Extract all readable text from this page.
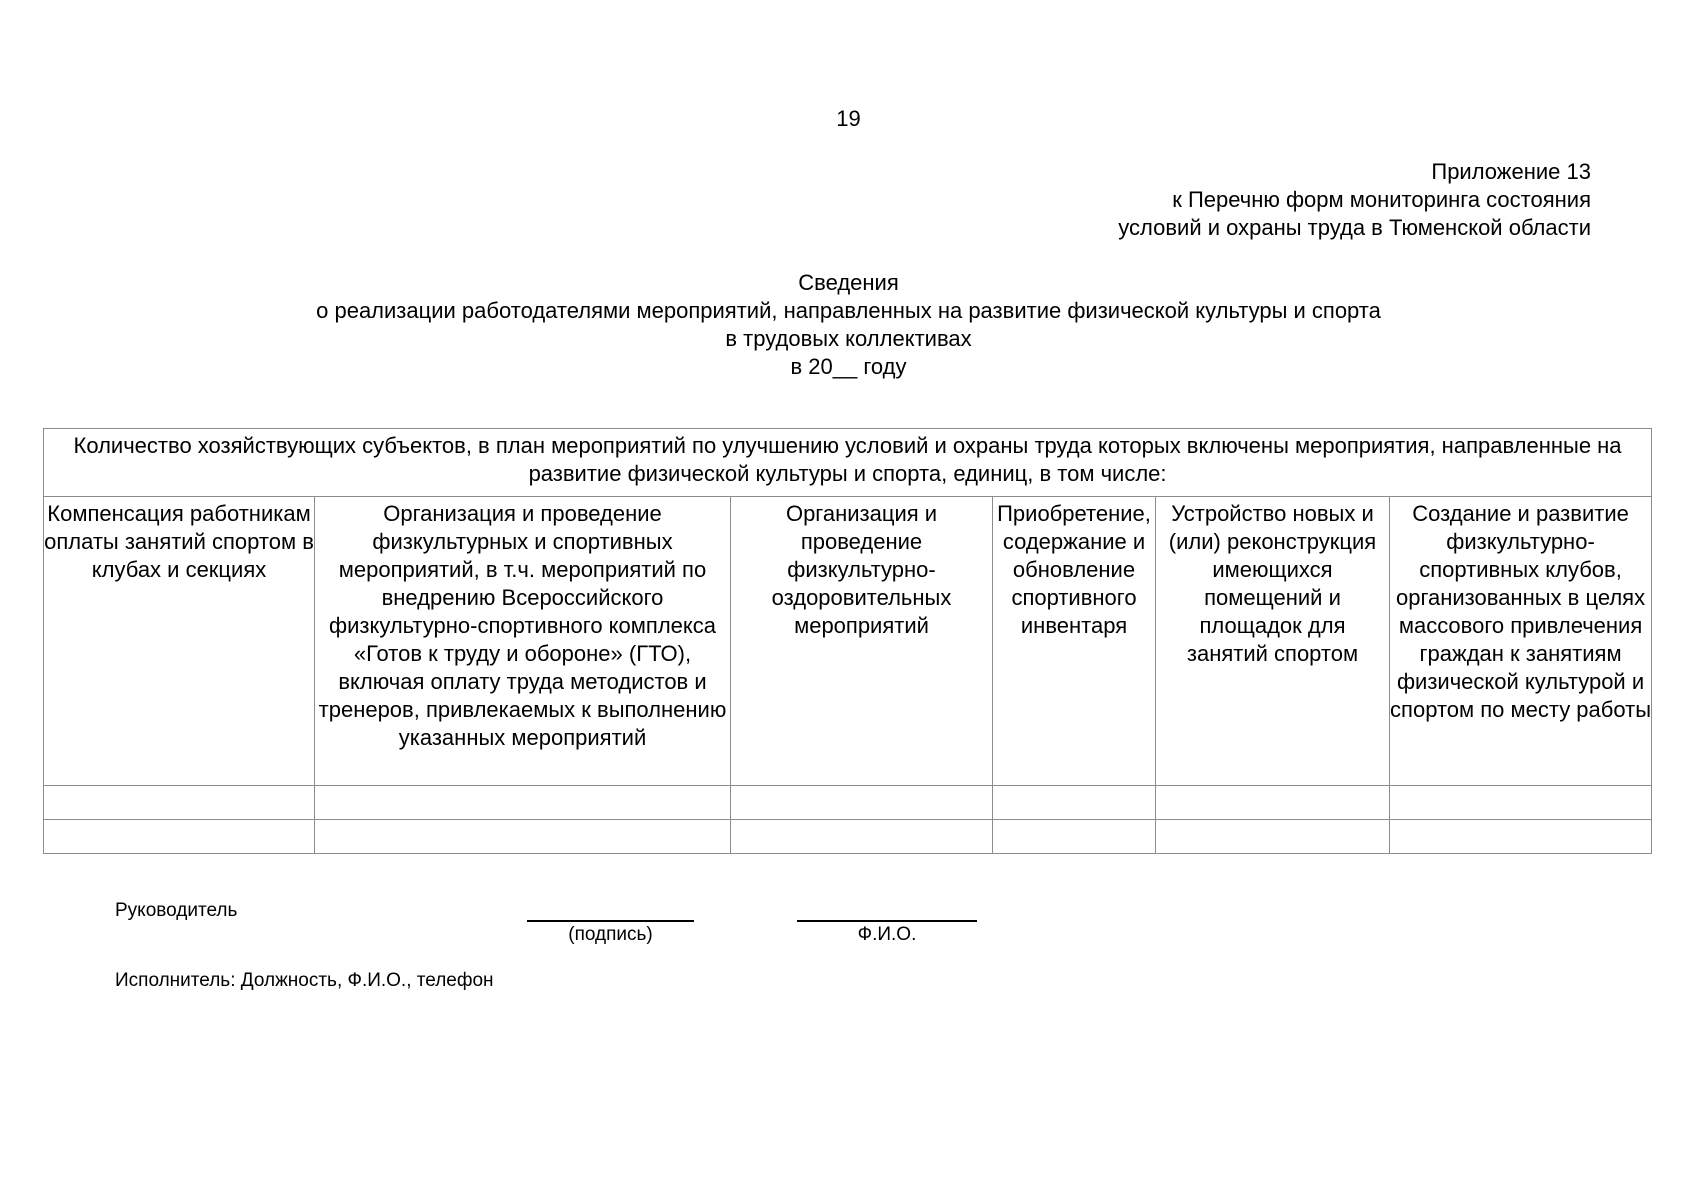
19
Приложение 13
к Перечню форм мониторинга состояния
условий и охраны труда в Тюменской области
Сведения
о реализации работодателями мероприятий, направленных на развитие физической культуры и спорта
в трудовых коллективах
в 20__ году
Количество хозяйствующих субъектов, в план мероприятий по улучшению условий и охраны труда которых включены мероприятия, направленные на развитие физической культуры и спорта, единиц, в том числе:					
Компенсация работникам оплаты занятий спортом в клубах и секциях	Организация и проведение физкультурных и спортивных мероприятий, в т.ч. мероприятий по внедрению Всероссийского физкультурно-спортивного комплекса «Готов к труду и обороне» (ГТО), включая оплату труда методистов и тренеров, привлекаемых к выполнению указанных мероприятий	Организация и проведение физкультурно-оздоровительных мероприятий	Приобретение, содержание и обновление спортивного инвентаря	Устройство новых и (или) реконструкция имеющихся помещений и площадок для занятий спортом	Создание и развитие физкультурно-спортивных клубов, организованных в целях массового привлечения граждан к занятиям физической культурой и спортом по месту работы

Руководитель
(подпись)	Ф.И.О.
Исполнитель: Должность, Ф.И.О., телефон
